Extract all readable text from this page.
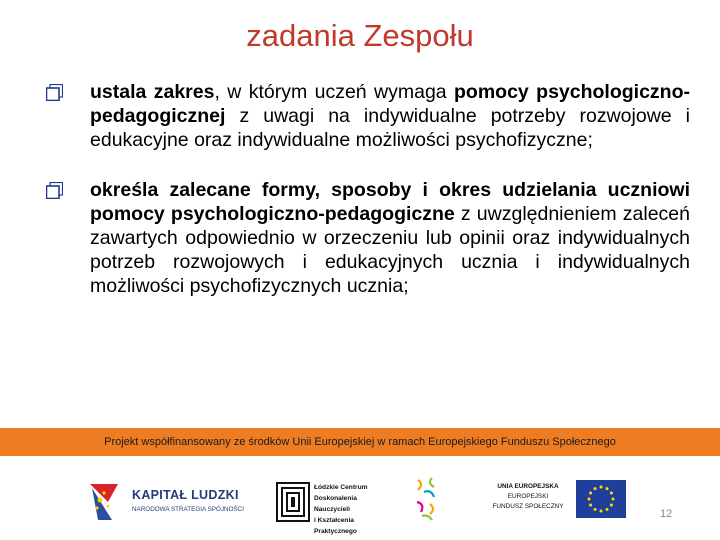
zadania Zespołu
ustala zakres, w którym uczeń wymaga pomocy psychologiczno-pedagogicznej z uwagi na indywidualne potrzeby rozwojowe i edukacyjne oraz indywidualne możliwości psychofizyczne;
określa zalecane formy, sposoby i okres udzielania uczniowi pomocy psychologiczno-pedagogiczne z uwzględnieniem zaleceń zawartych odpowiednio w orzeczeniu lub opinii oraz indywidualnych potrzeb rozwojowych i edukacyjnych ucznia i indywidualnych możliwości psychofizycznych ucznia;
Projekt współfinansowany ze środków Unii Europejskiej w ramach Europejskiego Funduszu Społecznego
KAPITAŁ LUDZKI
NARODOWA STRATEGIA SPÓJNOŚCI
Łódzkie Centrum
Doskonalenia Nauczycieli
i Kształcenia Praktycznego
UNIA EUROPEJSKA
EUROPEJSKI
FUNDUSZ SPOŁECZNY
12
